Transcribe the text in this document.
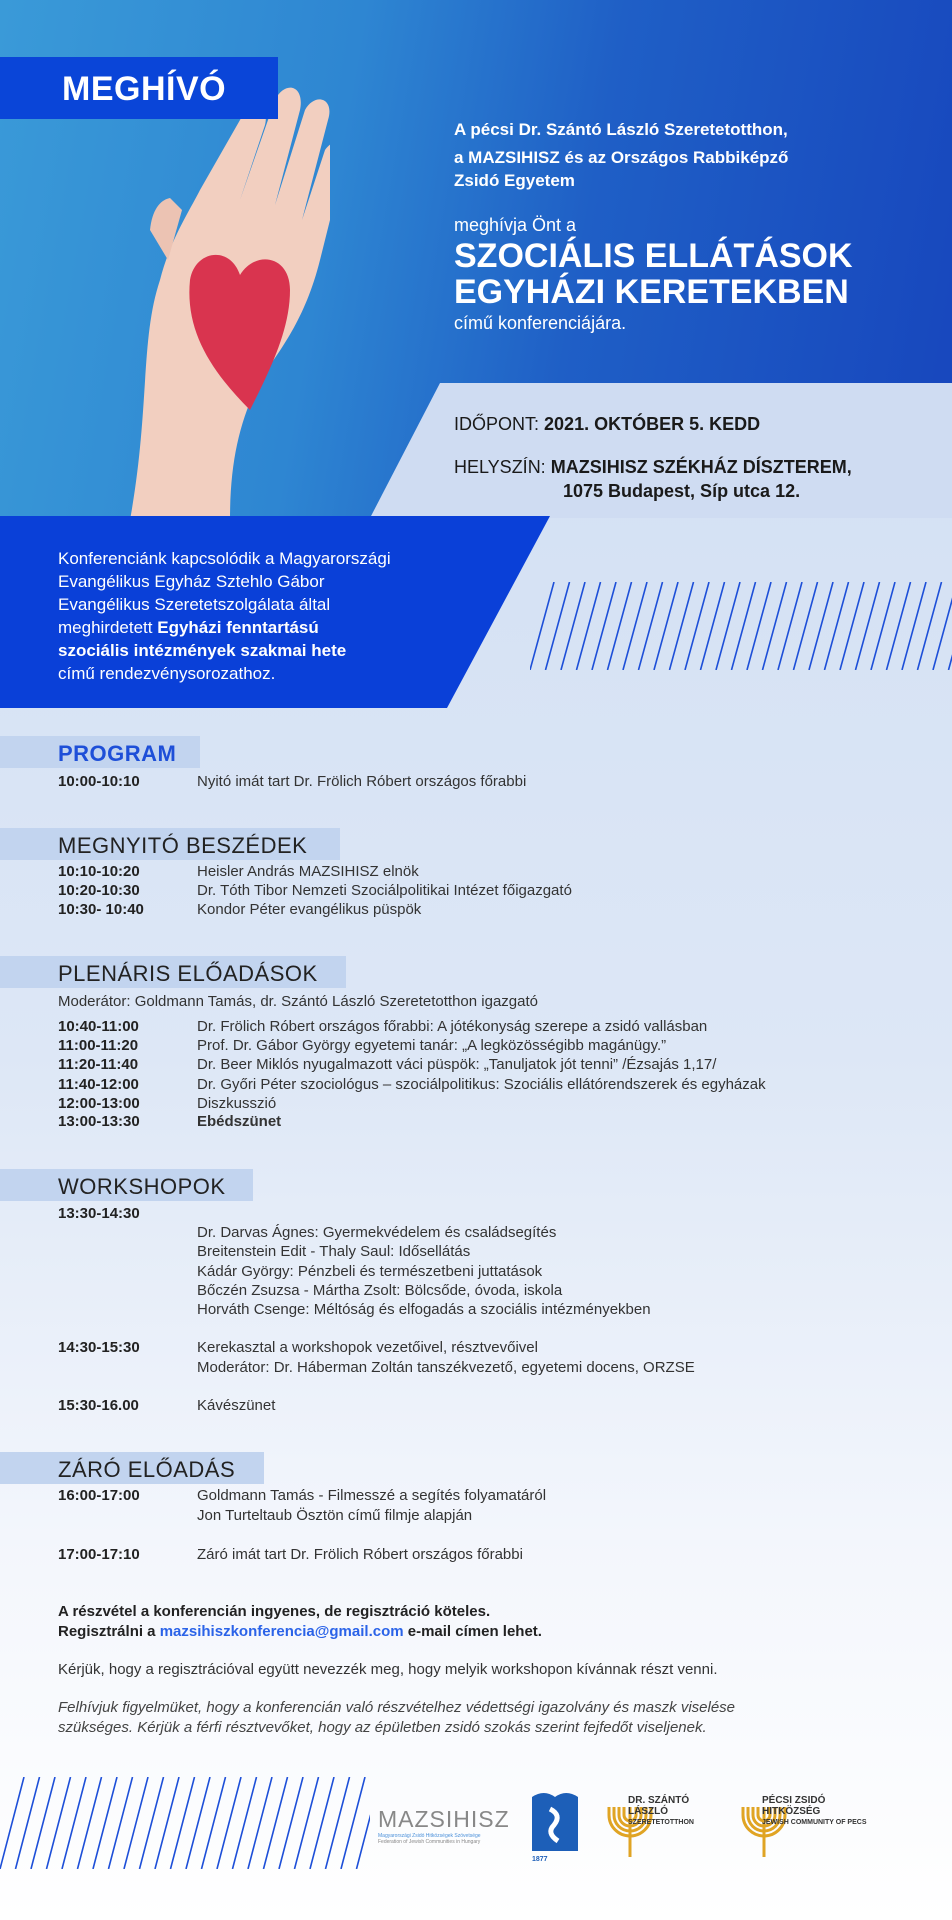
MEGHÍVÓ
A pécsi Dr. Szántó László Szeretetotthon,
a MAZSIHISZ és az Országos Rabbiképző
Zsidó Egyetem
meghívja Önt a
SZOCIÁLIS ELLÁTÁSOK
EGYHÁZI KERETEKBEN
című konferenciájára.
IDŐPONT: 2021. OKTÓBER 5. KEDD
HELYSZÍN: MAZSIHISZ SZÉKHÁZ DÍSZTEREM,
1075 Budapest, Síp utca 12.
Konferenciánk kapcsolódik a Magyarországi
Evangélikus Egyház Sztehlo Gábor
Evangélikus Szeretetszolgálata által
meghirdetett Egyházi fenntartású
szociális intézmények szakmai hete
című rendezvénysorozathoz.
PROGRAM
10:00-10:10	Nyitó imát tart Dr. Frölich Róbert országos főrabbi
MEGNYITÓ BESZÉDEK
10:10-10:20	Heisler András MAZSIHISZ elnök
10:20-10:30	Dr. Tóth Tibor Nemzeti Szociálpolitikai Intézet főigazgató
10:30- 10:40	Kondor Péter evangélikus püspök
PLENÁRIS ELŐADÁSOK
Moderátor: Goldmann Tamás, dr. Szántó László Szeretetotthon igazgató
10:40-11:00	Dr. Frölich Róbert országos főrabbi: A jótékonyság szerepe a zsidó vallásban
11:00-11:20	Prof. Dr. Gábor György egyetemi tanár: „A legközösségibb magánügy.”
11:20-11:40	Dr. Beer Miklós nyugalmazott váci püspök: „Tanuljatok jót tenni” /Ézsajás 1,17/
11:40-12:00	Dr. Győri Péter szociológus – szociálpolitikus: Szociális ellátórendszerek és egyházak
12:00-13:00	Diszkusszió
13:00-13:30	Ebédszünet
WORKSHOPOK
13:30-14:30
Dr. Darvas Ágnes: Gyermekvédelem és családsegítés
Breitenstein Edit - Thaly Saul: Idősellátás
Kádár György: Pénzbeli és természetbeni juttatások
Bőczén Zsuzsa - Mártha Zsolt: Bölcsőde, óvoda, iskola
Horváth Csenge: Méltóság és elfogadás a szociális intézményekben
14:30-15:30	Kerekasztal a workshopok vezetőivel, résztvevőivel
Moderátor: Dr. Háberman Zoltán tanszékvezető, egyetemi docens, ORZSE
15:30-16.00	Kávészünet
ZÁRÓ ELŐADÁS
16:00-17:00	Goldmann Tamás - Filmesszé a segítés folyamatáról
Jon Turteltaub Ösztön című filmje alapján
17:00-17:10	Záró imát tart Dr. Frölich Róbert országos főrabbi
A részvétel a konferencián ingyenes, de regisztráció köteles.
Regisztrálni a mazsihiszkonferencia@gmail.com e-mail címen lehet.
Kérjük, hogy a regisztrációval együtt nevezzék meg, hogy melyik workshopon kívánnak részt venni.
Felhívjuk figyelmüket, hogy a konferencián való részvételhez védettségi igazolvány és maszk viselése
szükséges. Kérjük a férfi résztvevőket, hogy az épületben zsidó szokás szerint fejfedőt viseljenek.
MAZSIHISZ
Magyarországi Zsidó Hitközségek Szövetsége
Federation of Jewish Communities in Hungary
1877
DR. SZÁNTÓ
LÁSZLÓ
SZERETETOTTHON
PÉCSI ZSIDÓ
HITKÖZSÉG
JEWISH COMMUNITY OF PECS
